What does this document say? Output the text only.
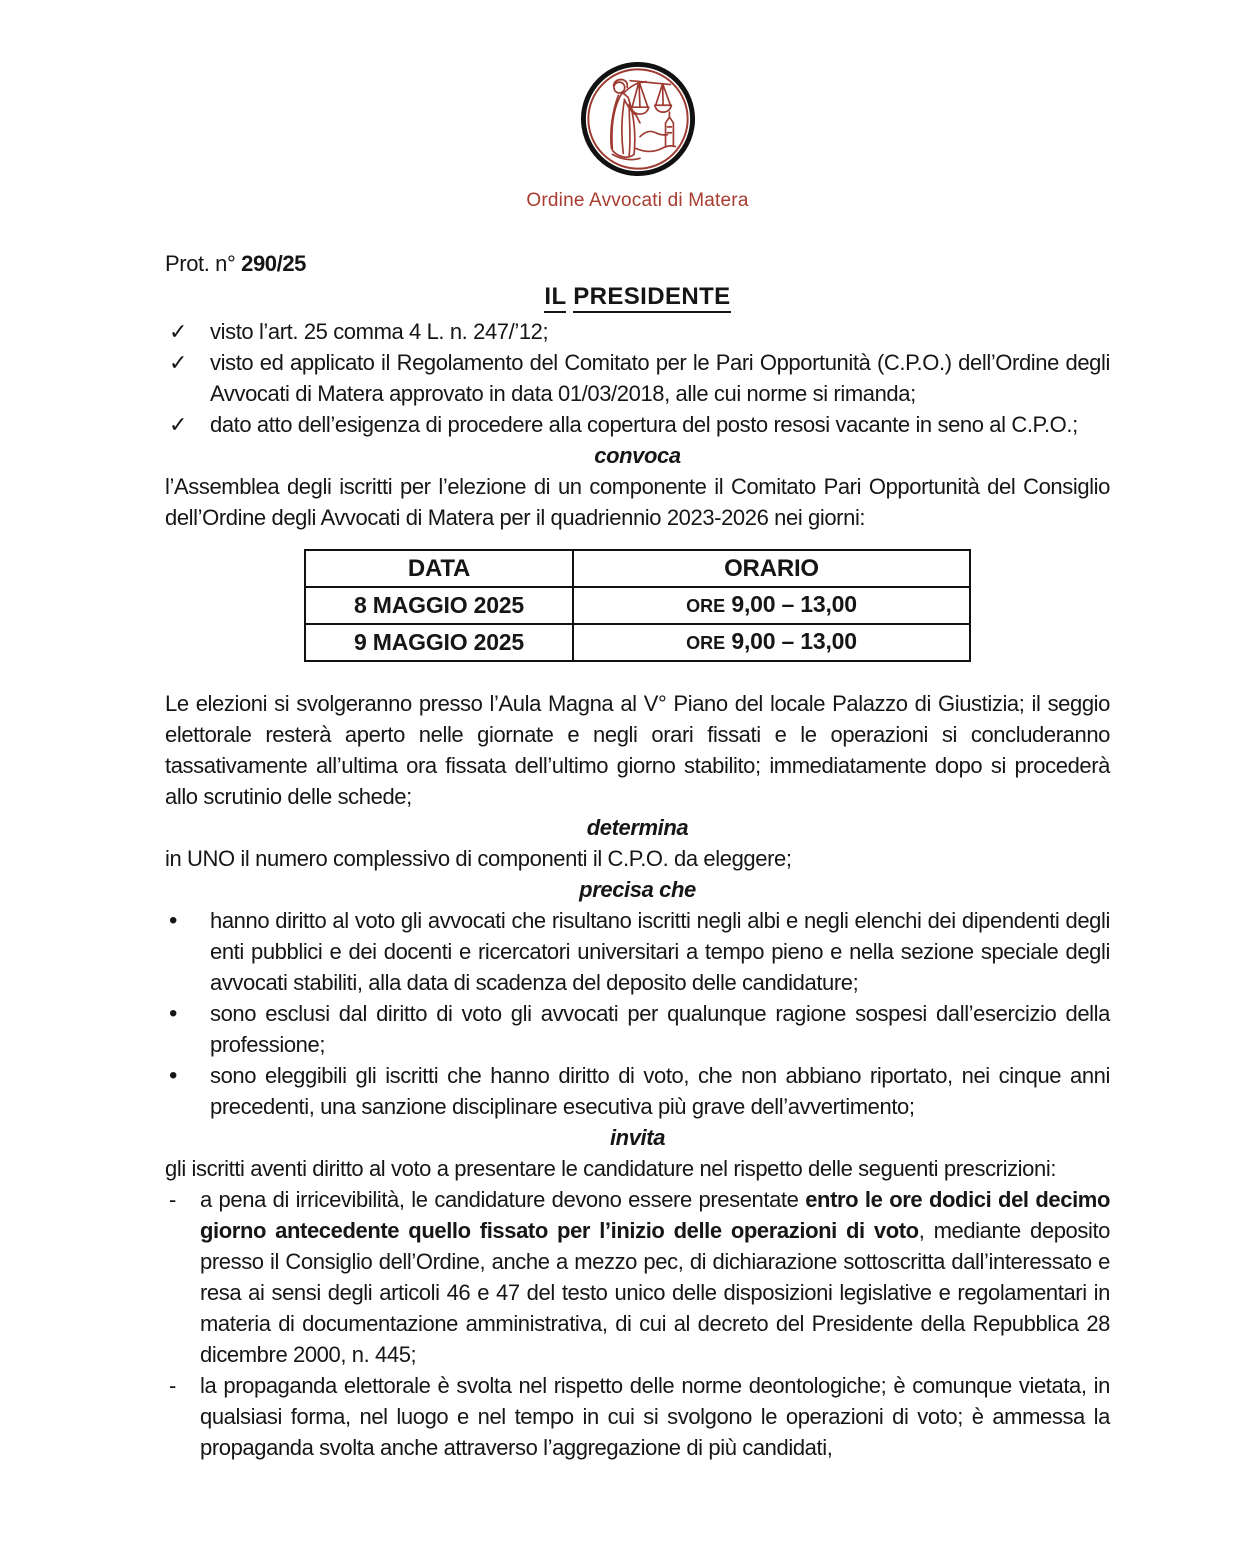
Ordine Avvocati di Matera

Prot. n° 290/25

IL PRESIDENTE
✓ visto l’art. 25 comma 4 L. n. 247/’12;
✓ visto ed applicato il Regolamento del Comitato per le Pari Opportunità (C.P.O.) dell’Ordine degli Avvocati di Matera approvato in data 01/03/2018, alle cui norme si rimanda;
✓ dato atto dell’esigenza di procedere alla copertura del posto resosi vacante in seno al C.P.O.;
convoca

l’Assemblea degli iscritti per l’elezione di un componente il Comitato Pari Opportunità del Consiglio dell’Ordine degli Avvocati di Matera per il quadriennio 2023-2026 nei giorni:

DATA	ORARIO
8 MAGGIO 2025	ORE 9,00 – 13,00
9 MAGGIO 2025	ORE 9,00 – 13,00

Le elezioni si svolgeranno presso l’Aula Magna al V° Piano del locale Palazzo di Giustizia; il seggio elettorale resterà aperto nelle giornate e negli orari fissati e le operazioni si concluderanno tassativamente all’ultima ora fissata dell’ultimo giorno stabilito; immediatamente dopo si procederà allo scrutinio delle schede;

determina

in UNO il numero complessivo di componenti il C.P.O. da eleggere;

precisa che
• hanno diritto al voto gli avvocati che risultano iscritti negli albi e negli elenchi dei dipendenti degli enti pubblici e dei docenti e ricercatori universitari a tempo pieno e nella sezione speciale degli avvocati stabiliti, alla data di scadenza del deposito delle candidature;
• sono esclusi dal diritto di voto gli avvocati per qualunque ragione sospesi dall’esercizio della professione;
• sono eleggibili gli iscritti che hanno diritto di voto, che non abbiano riportato, nei cinque anni precedenti, una sanzione disciplinare esecutiva più grave dell’avvertimento;
invita

gli iscritti aventi diritto al voto a presentare le candidature nel rispetto delle seguenti prescrizioni:

- a pena di irricevibilità, le candidature devono essere presentate entro le ore dodici del decimo giorno antecedente quello fissato per l’inizio delle operazioni di voto, mediante deposito presso il Consiglio dell’Ordine, anche a mezzo pec, di dichiarazione sottoscritta dall’interessato e resa ai sensi degli articoli 46 e 47 del testo unico delle disposizioni legislative e regolamentari in materia di documentazione amministrativa, di cui al decreto del Presidente della Repubblica 28 dicembre 2000, n. 445;
- la propaganda elettorale è svolta nel rispetto delle norme deontologiche; è comunque vietata, in qualsiasi forma, nel luogo e nel tempo in cui si svolgono le operazioni di voto; è ammessa la propaganda svolta anche attraverso l’aggregazione di più candidati,
